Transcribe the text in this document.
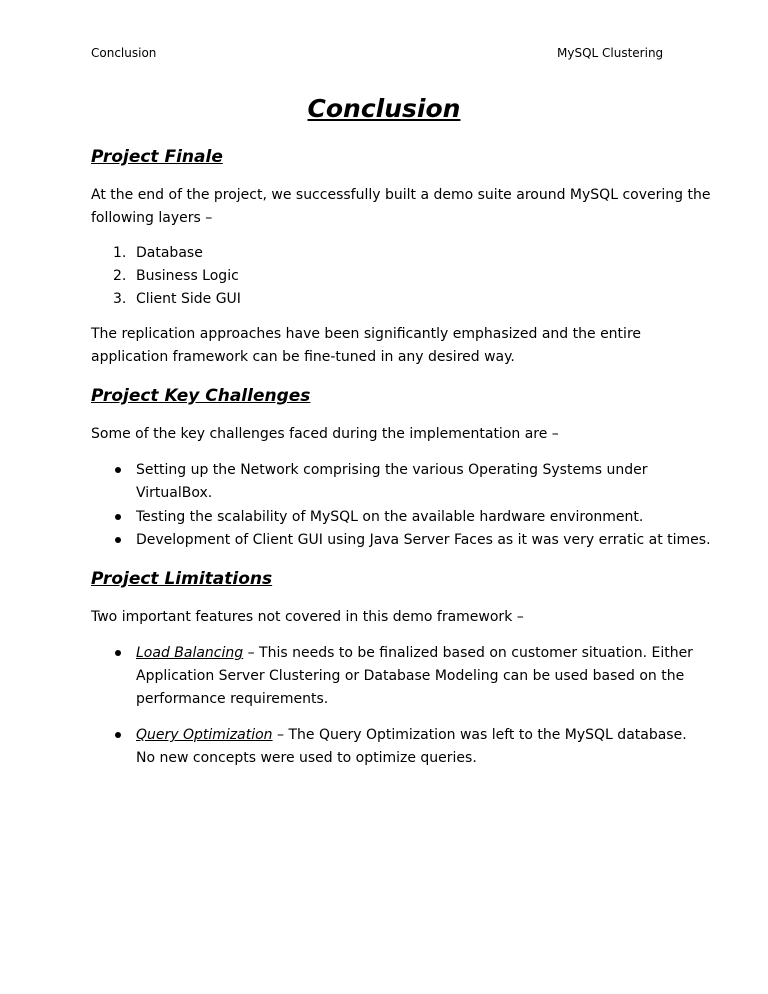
Conclusion	MySQL Clustering
Conclusion
Project Finale
At the end of the project, we successfully built a demo suite around MySQL covering the
following layers –
1. Database
2. Business Logic
3. Client Side GUI
The replication approaches have been significantly emphasized and the entire
application framework can be fine-tuned in any desired way.
Project Key Challenges
Some of the key challenges faced during the implementation are –
Setting up the Network comprising the various Operating Systems under
VirtualBox.
Testing the scalability of MySQL on the available hardware environment.
Development of Client GUI using Java Server Faces as it was very erratic at times.
Project Limitations
Two important features not covered in this demo framework –
Load Balancing – This needs to be finalized based on customer situation. Either
Application Server Clustering or Database Modeling can be used based on the
performance requirements.
Query Optimization – The Query Optimization was left to the MySQL database.
No new concepts were used to optimize queries.
